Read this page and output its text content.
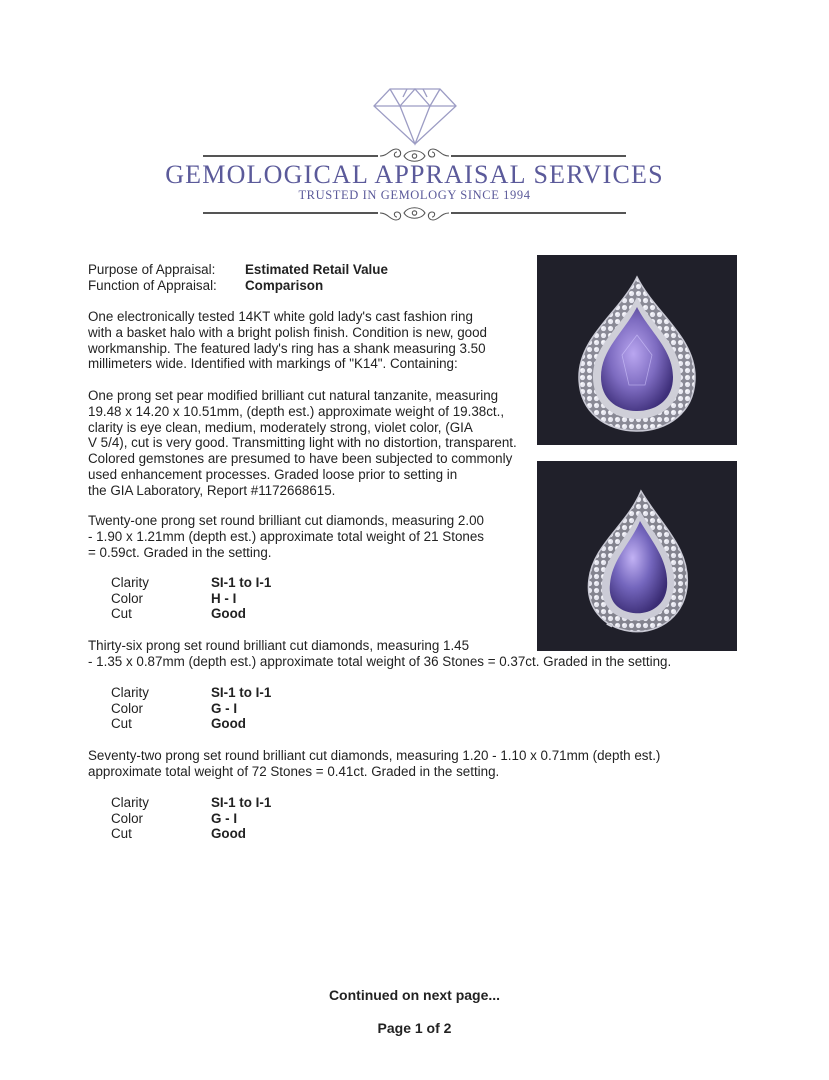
GEMOLOGICAL APPRAISAL SERVICES
TRUSTED IN GEMOLOGY SINCE 1994
Purpose of Appraisal: Estimated Retail Value
Function of Appraisal: Comparison

One electronically tested 14KT white gold lady's cast fashion ring

with a basket halo with a bright polish finish. Condition is new, good

workmanship. The featured lady's ring has a shank measuring 3.50

millimeters wide. Identified with markings of "K14". Containing:

One prong set pear modified brilliant cut natural tanzanite, measuring

19.48 x 14.20 x 10.51mm, (depth est.) approximate weight of 19.38ct.,

clarity is eye clean, medium, moderately strong, violet color, (GIA

V 5/4), cut is very good. Transmitting light with no distortion, transparent.

Colored gemstones are presumed to have been subjected to commonly

used enhancement processes. Graded loose prior to setting in

the GIA Laboratory, Report #1172668615.

Twenty-one prong set round brilliant cut diamonds, measuring 2.00

- 1.90 x 1.21mm (depth est.) approximate total weight of 21 Stones

= 0.59ct. Graded in the setting.

Clarity	SI-1 to I-1
Color	H - I
Cut	Good

Thirty-six prong set round brilliant cut diamonds, measuring 1.45

- 1.35 x 0.87mm (depth est.) approximate total weight of 36 Stones = 0.37ct. Graded in the setting.

Clarity	SI-1 to I-1
Color	G - I
Cut	Good

Seventy-two prong set round brilliant cut diamonds, measuring 1.20 - 1.10 x 0.71mm (depth est.)

approximate total weight of 72 Stones = 0.41ct. Graded in the setting.

Clarity	SI-1 to I-1
Color	G - I
Cut	Good
Continued on next page...
Page 1 of 2
